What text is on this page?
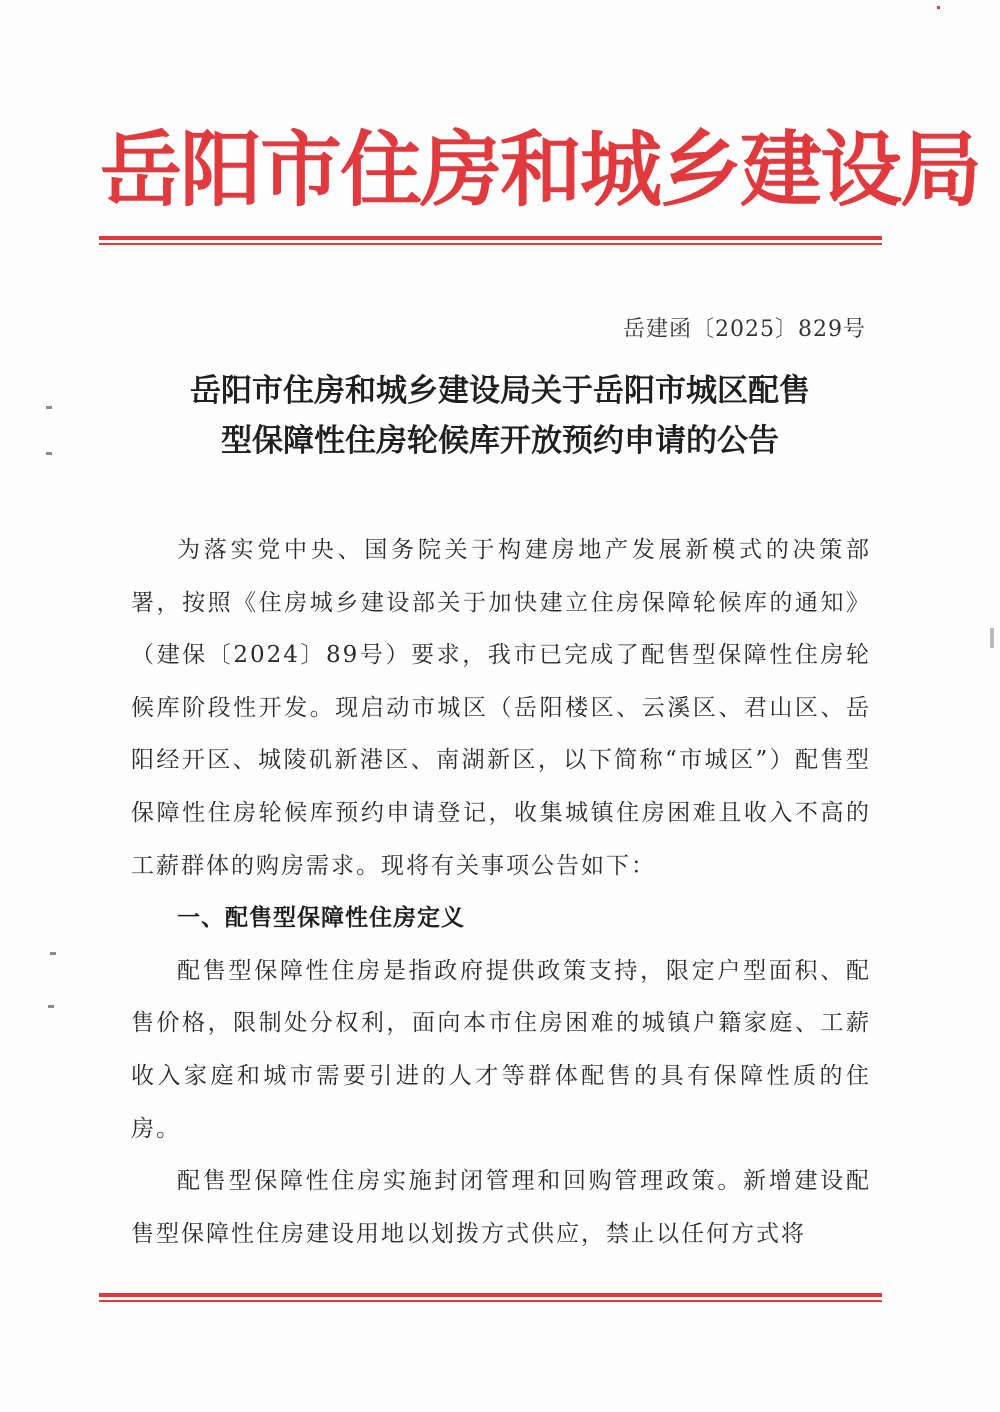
岳阳市住房和城乡建设局
岳建函〔2025〕829号
岳阳市住房和城乡建设局关于岳阳市城区配售
型保障性住房轮候库开放预约申请的公告

为落实党中央、国务院关于构建房地产发展新模式的决策部署，按照《住房城乡建设部关于加快建立住房保障轮候库的通知》（建保〔2024〕89号）要求，我市已完成了配售型保障性住房轮候库阶段性开发。现启动市城区（岳阳楼区、云溪区、君山区、岳阳经开区、城陵矶新港区、南湖新区，以下简称“市城区”）配售型保障性住房轮候库预约申请登记，收集城镇住房困难且收入不高的工薪群体的购房需求。现将有关事项公告如下：

一、配售型保障性住房定义

配售型保障性住房是指政府提供政策支持，限定户型面积、配售价格，限制处分权利，面向本市住房困难的城镇户籍家庭、工薪收入家庭和城市需要引进的人才等群体配售的具有保障性质的住房。

配售型保障性住房实施封闭管理和回购管理政策。新增建设配售型保障性住房建设用地以划拨方式供应，禁止以任何方式将
